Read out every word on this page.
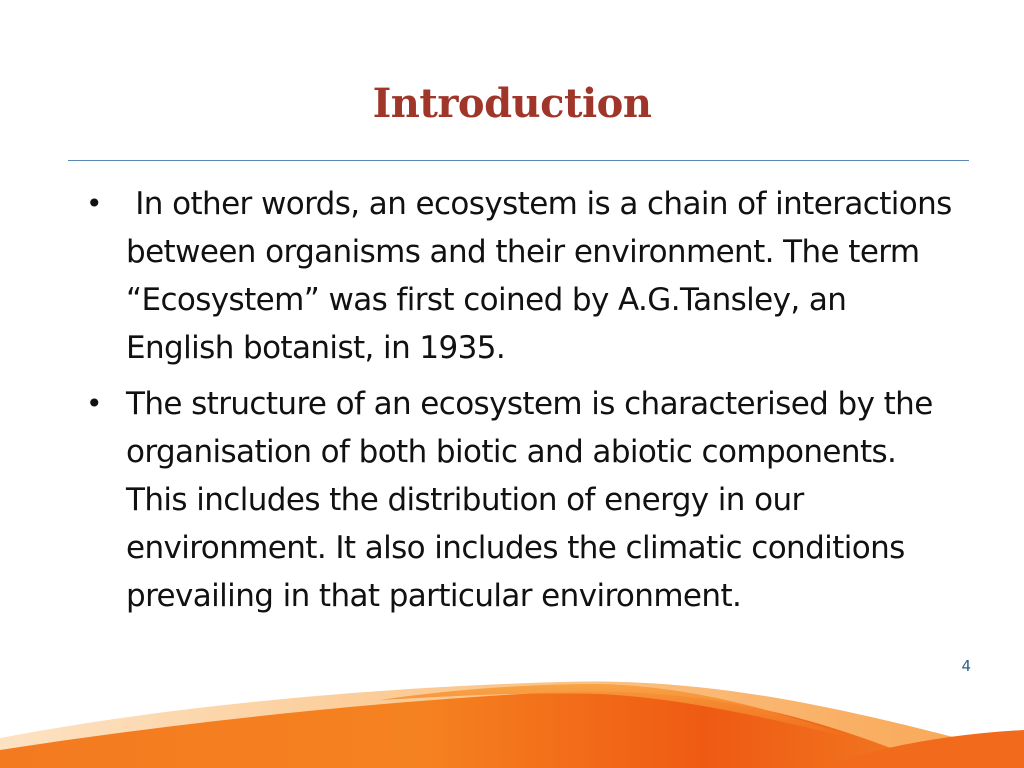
Introduction
• In other words, an ecosystem is a chain of interactions between organisms and their environment. The term “Ecosystem” was first coined by A.G.Tansley, an English botanist, in 1935.
• The structure of an ecosystem is characterised by the organisation of both biotic and abiotic components. This includes the distribution of energy in our environment. It also includes the climatic conditions prevailing in that particular environment.
4
